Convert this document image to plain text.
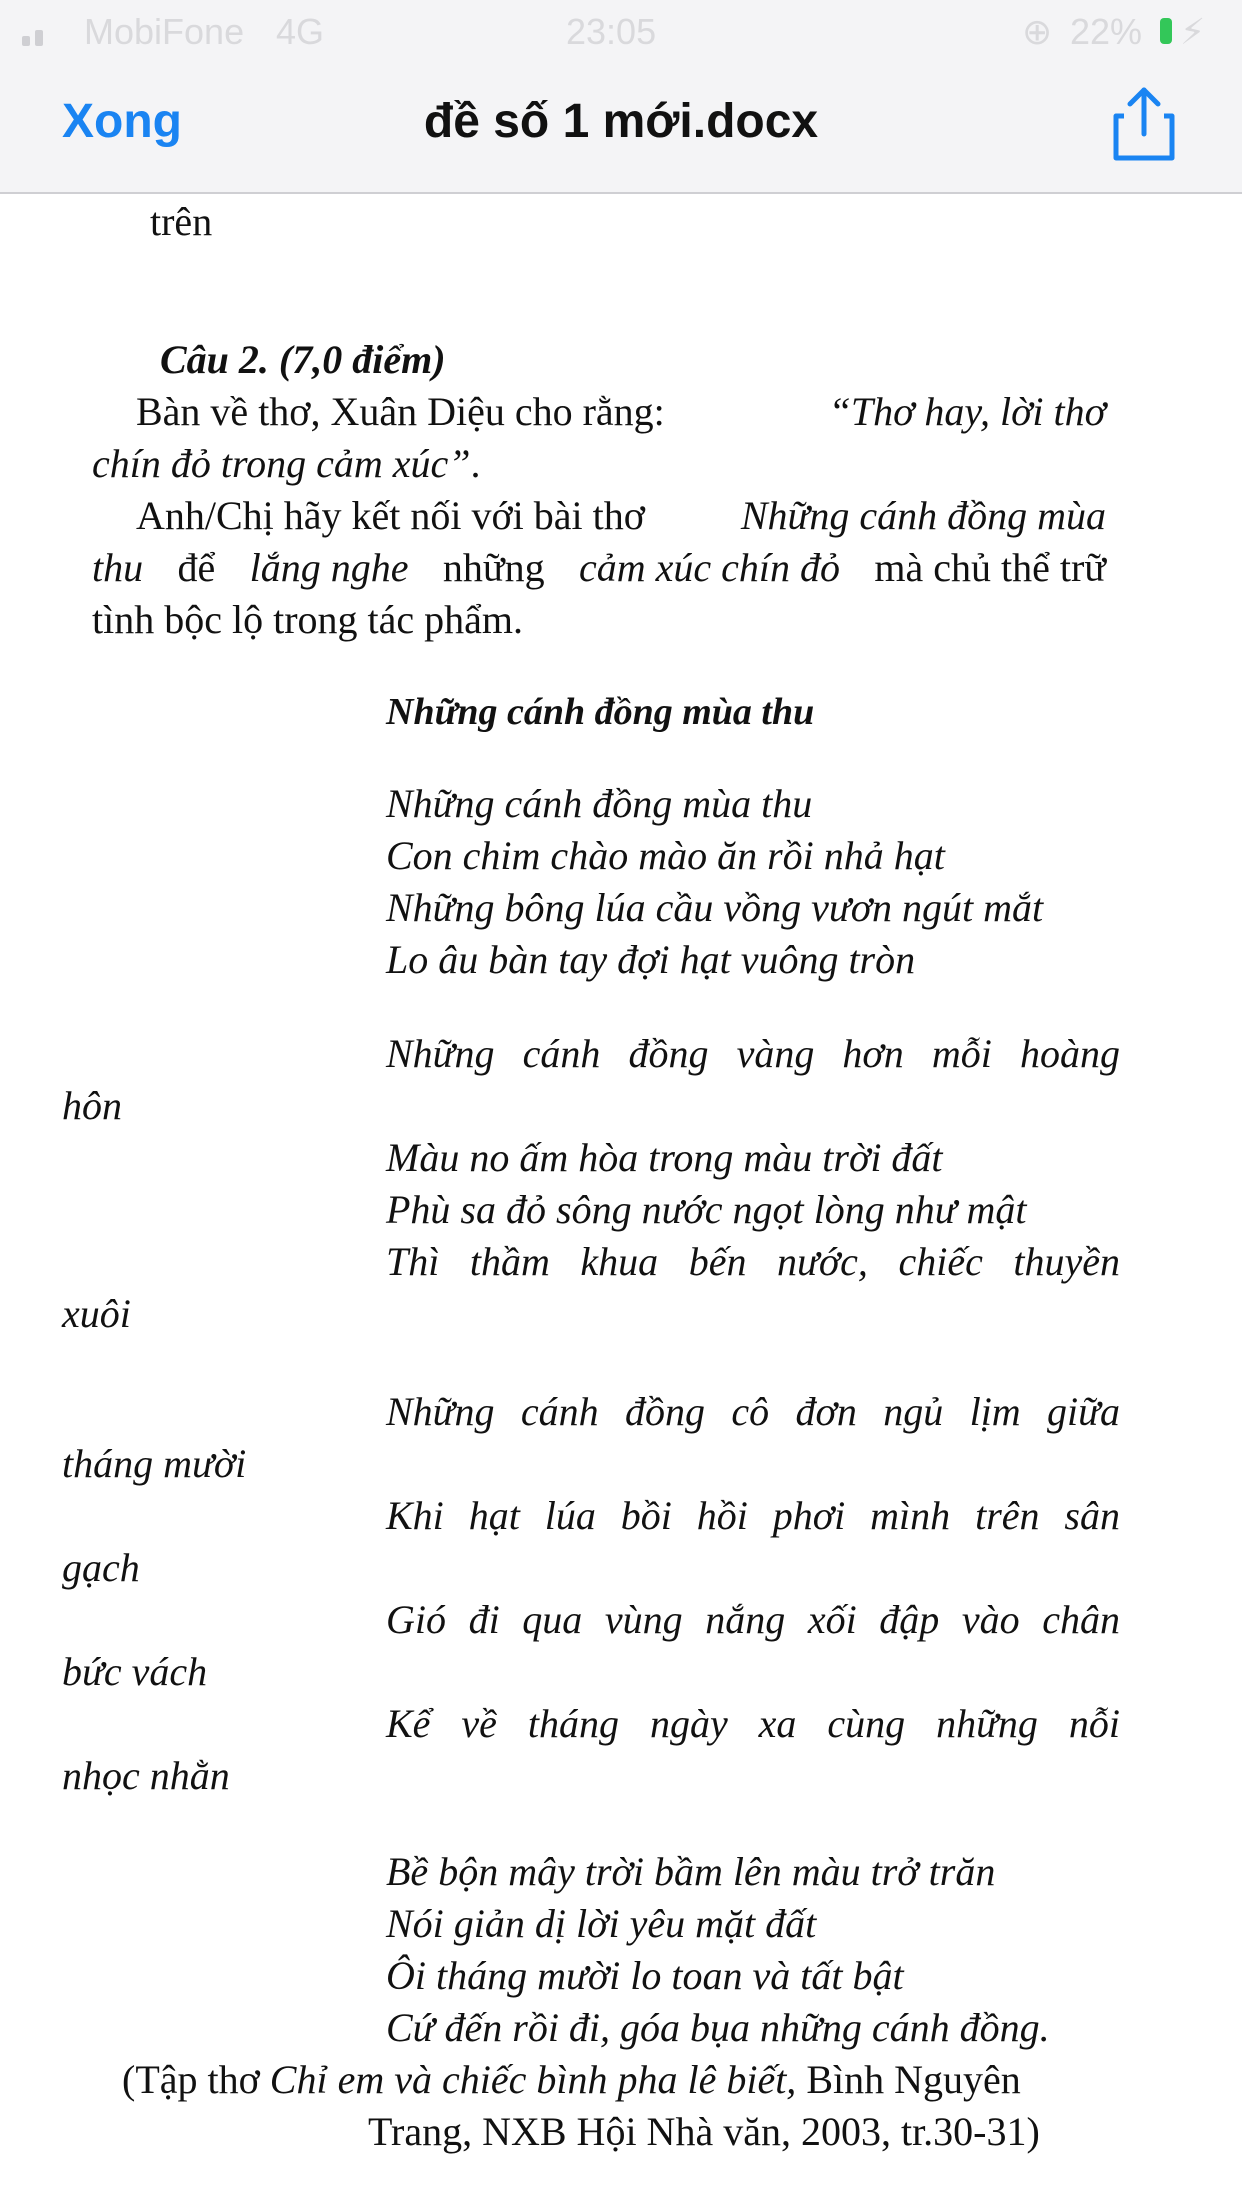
MobiFone 4G	23:05	⊕ 22% ⚡
đề số 1 mới.docx
Xong
trên
Câu 2. (7,0 điểm)
Bàn về thơ, Xuân Diệu cho rằng:	“Thơ hay, lời thơ
chín đỏ trong cảm xúc”.
Anh/Chị hãy kết nối với bài thơ Những cánh đồng mùa
thu để lắng nghe những cảm xúc chín đỏ mà chủ thể trữ
tình bộc lộ trong tác phẩm.
Những cánh đồng mùa thu
Những cánh đồng mùa thu
Con chim chào mào ăn rồi nhả hạt
Những bông lúa cầu vồng vươn ngút mắt
Lo âu bàn tay đợi hạt vuông tròn
Những cánh đồng vàng hơn mỗi hoàng
hôn
Màu no ấm hòa trong màu trời đất
Phù sa đỏ sông nước ngọt lòng như mật
Thì thầm khua bến nước, chiếc thuyền
xuôi
Những cánh đồng cô đơn ngủ lịm giữa
tháng mười
Khi hạt lúa bồi hồi phơi mình trên sân
gạch
Gió đi qua vùng nắng xối đập vào chân
bức vách
Kể về tháng ngày xa cùng những nỗi
nhọc nhằn
Bề bộn mây trời bầm lên màu trở trăn
Nói giản dị lời yêu mặt đất
Ôi tháng mười lo toan và tất bật
Cứ đến rồi đi, góa bụa những cánh đồng.
(Tập thơ Chỉ em và chiếc bình pha lê biết, Bình Nguyên
Trang, NXB Hội Nhà văn, 2003, tr.30-31)
